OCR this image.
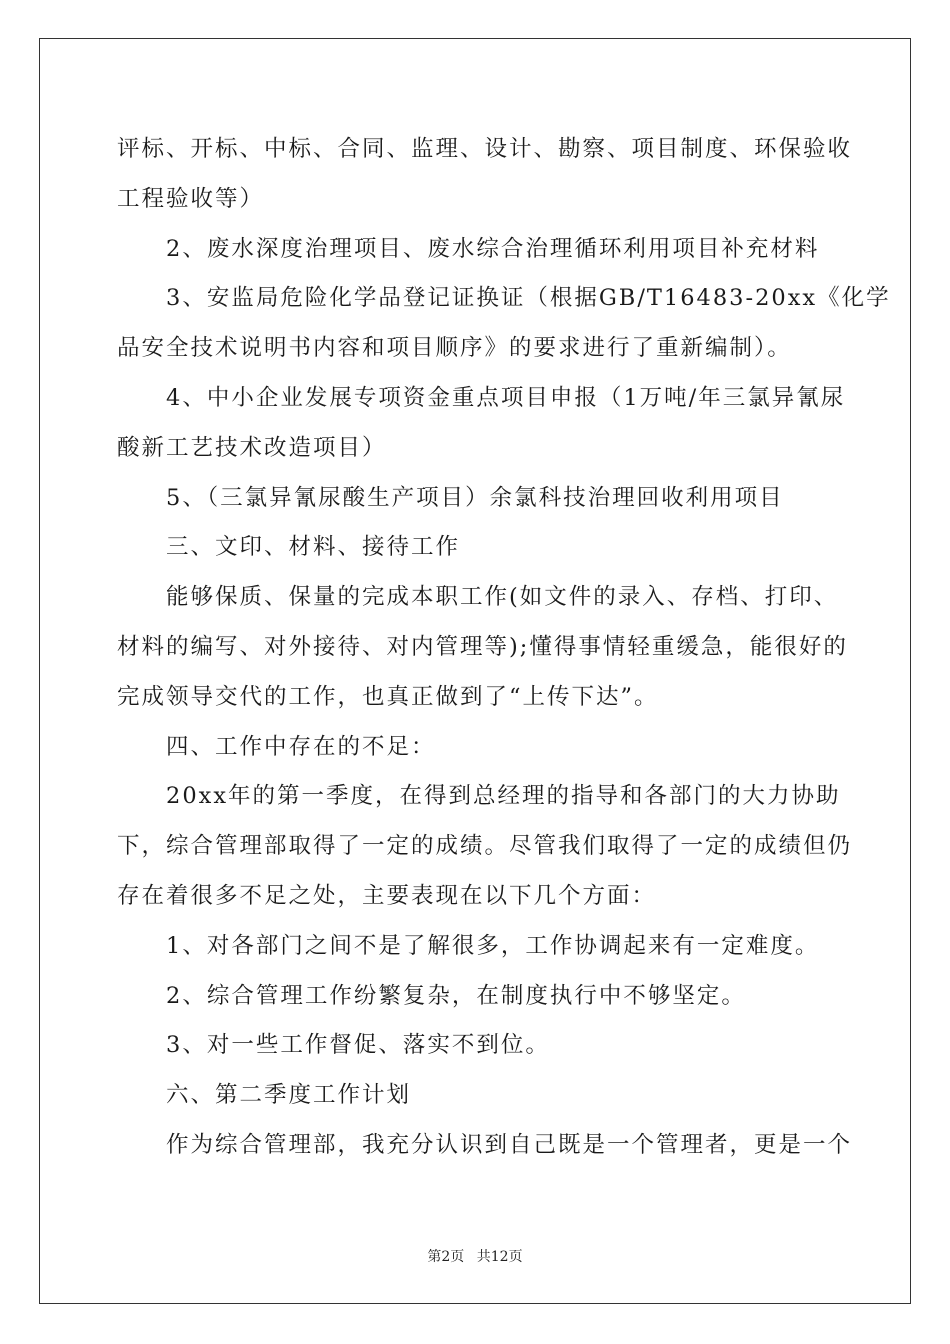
评标、开标、中标、合同、监理、设计、勘察、项目制度、环保验收
工程验收等）
2、废水深度治理项目、废水综合治理循环利用项目补充材料
3、安监局危险化学品登记证换证（根据GB/T16483-20xx《化学
品安全技术说明书内容和项目顺序》的要求进行了重新编制）。
4、中小企业发展专项资金重点项目申报（1万吨/年三氯异氰尿
酸新工艺技术改造项目）
5、（三氯异氰尿酸生产项目）余氯科技治理回收利用项目
三、文印、材料、接待工作
能够保质、保量的完成本职工作(如文件的录入、存档、打印、
材料的编写、对外接待、对内管理等);懂得事情轻重缓急，能很好的
完成领导交代的工作，也真正做到了“上传下达”。
四、工作中存在的不足：
20xx年的第一季度，在得到总经理的指导和各部门的大力协助
下，综合管理部取得了一定的成绩。尽管我们取得了一定的成绩但仍
存在着很多不足之处，主要表现在以下几个方面：
1、对各部门之间不是了解很多，工作协调起来有一定难度。
2、综合管理工作纷繁复杂，在制度执行中不够坚定。
3、对一些工作督促、落实不到位。
六、第二季度工作计划
作为综合管理部，我充分认识到自己既是一个管理者，更是一个
第2页 共12页
